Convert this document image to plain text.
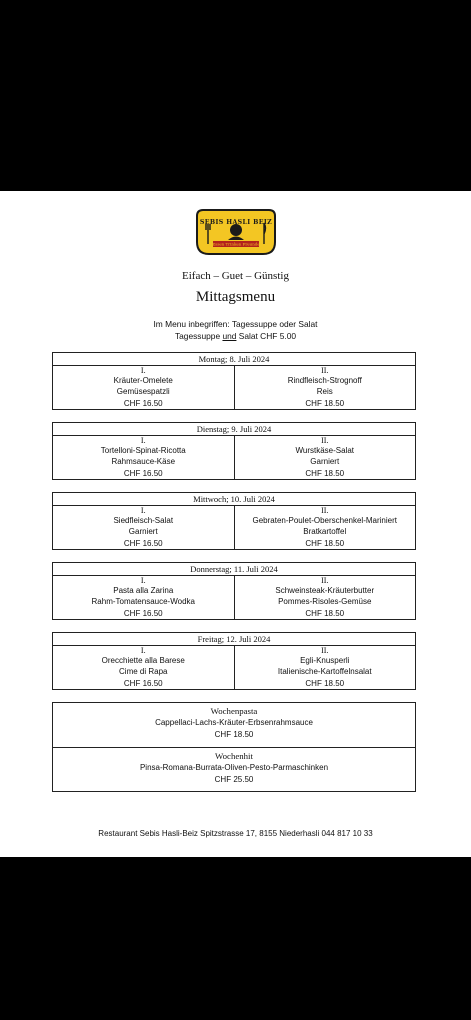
SEBIS HASLI BEIZ
Essen Trinken Freunde
Eifach – Guet – Günstig
Mittagsmenu
Im Menu inbegriffen: Tagessuppe oder Salat
Tagessuppe und Salat CHF 5.00
Montag; 8. Juli 2024
I.
Kräuter-Omelete
Gemüsespatzli
CHF 16.50
II.
Rindfleisch-Strognoff
Reis
CHF 18.50
Dienstag; 9. Juli 2024
I.
Tortelloni-Spinat-Ricotta
Rahmsauce-Käse
CHF 16.50
II.
Wurstkäse-Salat
Garniert
CHF 18.50
Mittwoch; 10. Juli 2024
I.
Siedfleisch-Salat
Garniert
CHF 16.50
II.
Gebraten-Poulet-Oberschenkel-Mariniert
Bratkartoffel
CHF 18.50
Donnerstag; 11. Juli 2024
I.
Pasta alla Zarina
Rahm-Tomatensauce-Wodka
CHF 16.50
II.
Schweinsteak-Kräuterbutter
Pommes-Risoles-Gemüse
CHF 18.50
Freitag; 12. Juli 2024
I.
Orecchiette alla Barese
Cime di Rapa
CHF 16.50
II.
Egli-Knusperli
Italienische-Kartoffelnsalat
CHF 18.50
Wochenpasta
Cappellaci-Lachs-Kräuter-Erbsenrahmsauce
CHF 18.50
Wochenhit
Pinsa-Romana-Burrata-Oliven-Pesto-Parmaschinken
CHF 25.50
Restaurant Sebis Hasli-Beiz Spitzstrasse 17, 8155 Niederhasli 044 817 10 33
